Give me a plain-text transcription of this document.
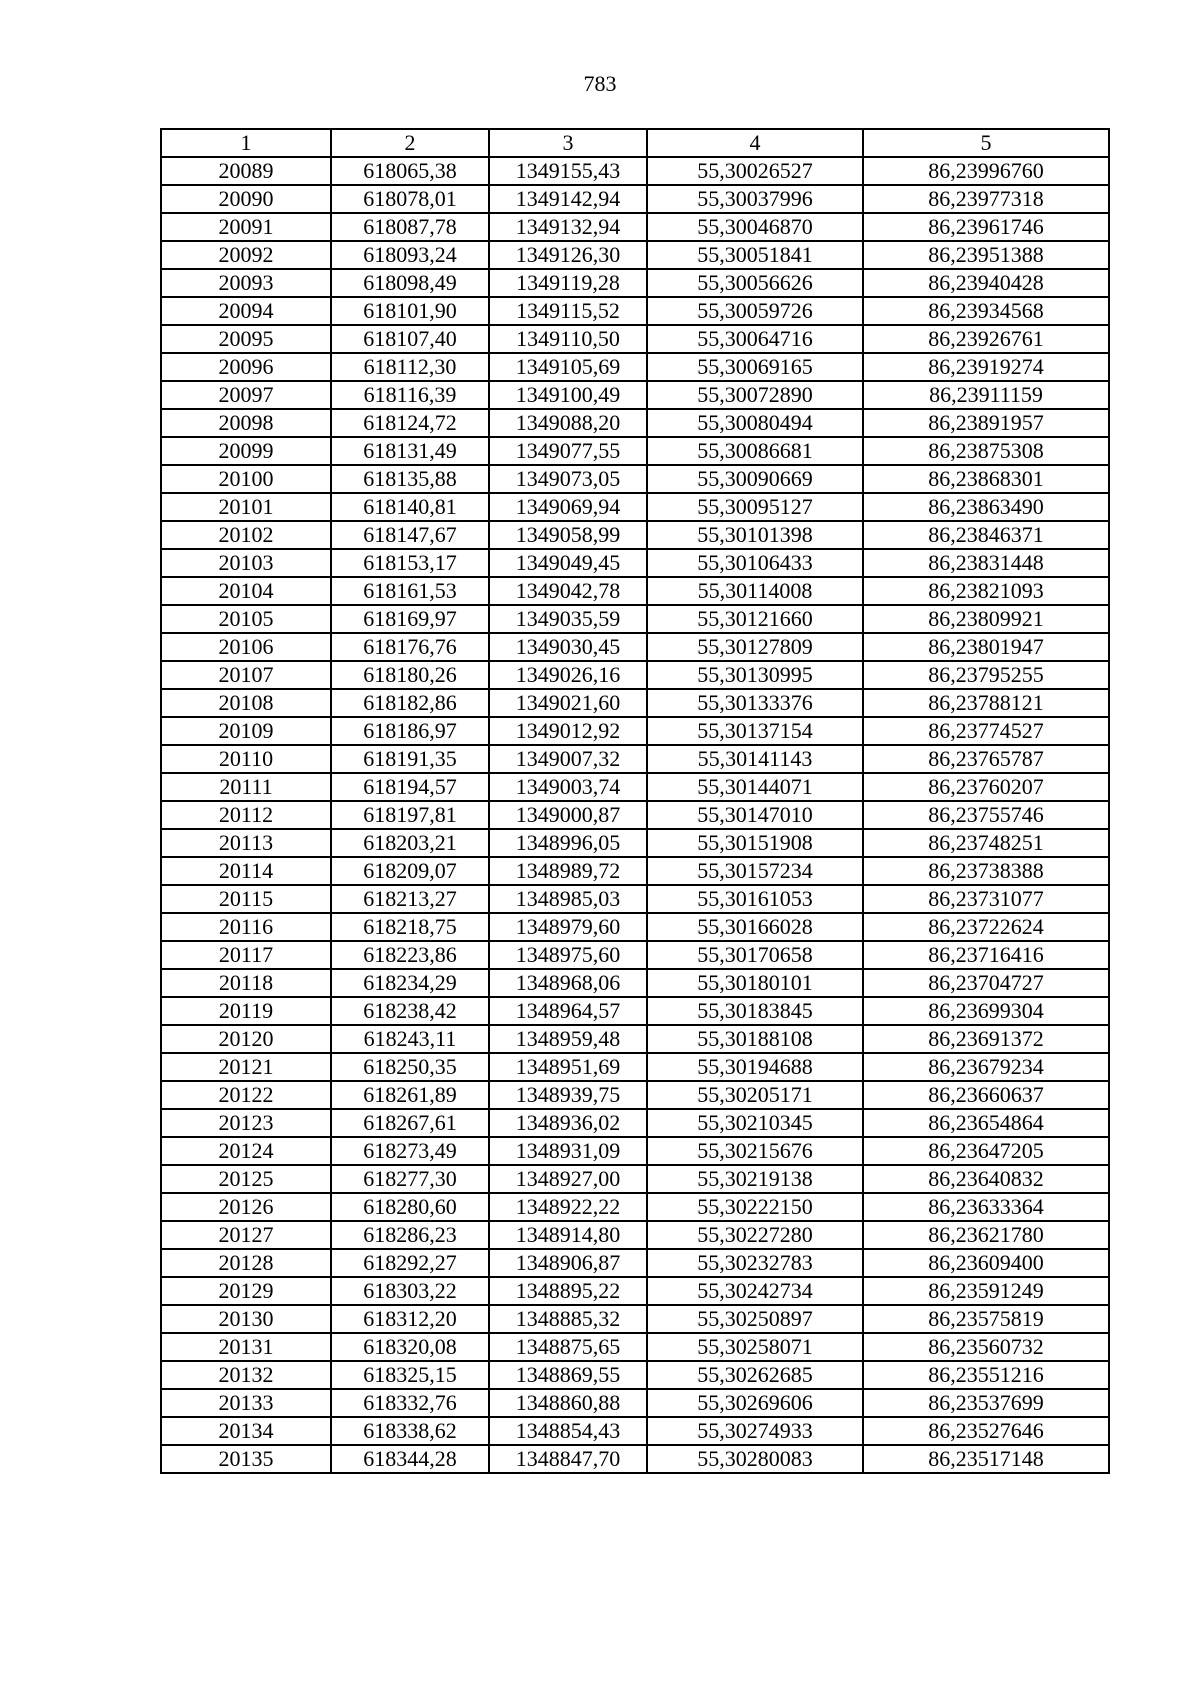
783
1	2	3	4	5
20089	618065,38	1349155,43	55,30026527	86,23996760
20090	618078,01	1349142,94	55,30037996	86,23977318
20091	618087,78	1349132,94	55,30046870	86,23961746
20092	618093,24	1349126,30	55,30051841	86,23951388
20093	618098,49	1349119,28	55,30056626	86,23940428
20094	618101,90	1349115,52	55,30059726	86,23934568
20095	618107,40	1349110,50	55,30064716	86,23926761
20096	618112,30	1349105,69	55,30069165	86,23919274
20097	618116,39	1349100,49	55,30072890	86,23911159
20098	618124,72	1349088,20	55,30080494	86,23891957
20099	618131,49	1349077,55	55,30086681	86,23875308
20100	618135,88	1349073,05	55,30090669	86,23868301
20101	618140,81	1349069,94	55,30095127	86,23863490
20102	618147,67	1349058,99	55,30101398	86,23846371
20103	618153,17	1349049,45	55,30106433	86,23831448
20104	618161,53	1349042,78	55,30114008	86,23821093
20105	618169,97	1349035,59	55,30121660	86,23809921
20106	618176,76	1349030,45	55,30127809	86,23801947
20107	618180,26	1349026,16	55,30130995	86,23795255
20108	618182,86	1349021,60	55,30133376	86,23788121
20109	618186,97	1349012,92	55,30137154	86,23774527
20110	618191,35	1349007,32	55,30141143	86,23765787
20111	618194,57	1349003,74	55,30144071	86,23760207
20112	618197,81	1349000,87	55,30147010	86,23755746
20113	618203,21	1348996,05	55,30151908	86,23748251
20114	618209,07	1348989,72	55,30157234	86,23738388
20115	618213,27	1348985,03	55,30161053	86,23731077
20116	618218,75	1348979,60	55,30166028	86,23722624
20117	618223,86	1348975,60	55,30170658	86,23716416
20118	618234,29	1348968,06	55,30180101	86,23704727
20119	618238,42	1348964,57	55,30183845	86,23699304
20120	618243,11	1348959,48	55,30188108	86,23691372
20121	618250,35	1348951,69	55,30194688	86,23679234
20122	618261,89	1348939,75	55,30205171	86,23660637
20123	618267,61	1348936,02	55,30210345	86,23654864
20124	618273,49	1348931,09	55,30215676	86,23647205
20125	618277,30	1348927,00	55,30219138	86,23640832
20126	618280,60	1348922,22	55,30222150	86,23633364
20127	618286,23	1348914,80	55,30227280	86,23621780
20128	618292,27	1348906,87	55,30232783	86,23609400
20129	618303,22	1348895,22	55,30242734	86,23591249
20130	618312,20	1348885,32	55,30250897	86,23575819
20131	618320,08	1348875,65	55,30258071	86,23560732
20132	618325,15	1348869,55	55,30262685	86,23551216
20133	618332,76	1348860,88	55,30269606	86,23537699
20134	618338,62	1348854,43	55,30274933	86,23527646
20135	618344,28	1348847,70	55,30280083	86,23517148
